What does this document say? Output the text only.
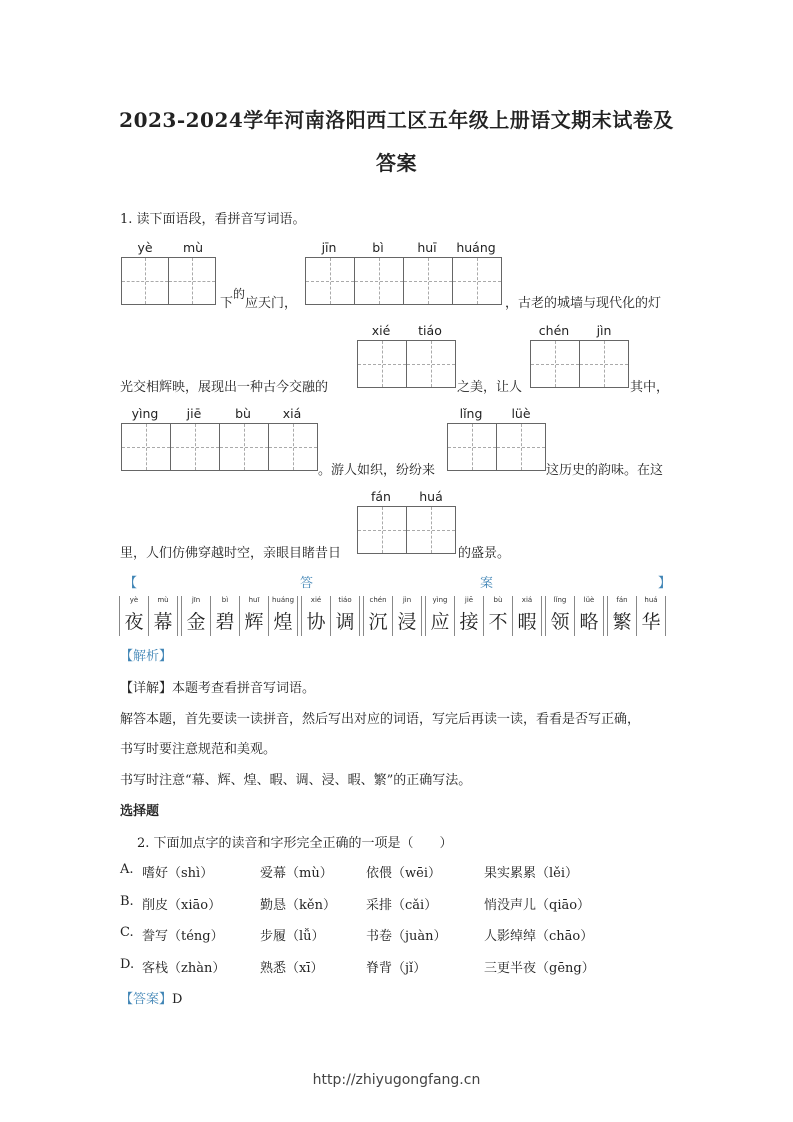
2023-2024学年河南洛阳西工区五年级上册语文期末试卷及
答案
1. 读下面语段，看拼音写词语。
yè	mù
下
的
应天门，
jīn	bì	huī	huáng
，古老的城墙与现代化的灯
xié	tiáo
光交相辉映，展现出一种古今交融的	之美，让人
chén	jìn
其中，
yìng	jiē	bù	xiá
。游人如织，纷纷来
lǐng	lüè
这历史的韵味。在这
fán	huá
里，人们仿佛穿越时空，亲眼目睹昔日	的盛景。
【	答	案	】
yè
夜
mù
幕
jīn
金
bì
碧
huī
辉
huáng
煌
xié
协
tiáo
调
chén
沉
jìn
浸
yìng
应
jiē
接
bù
不
xiá
暇
lǐng
领
lüè
略
fán
繁
huá
华
【解析】
【详解】本题考查看拼音写词语。
解答本题，首先要读一读拼音，然后写出对应的词语，写完后再读一读，看看是否写正确，
书写时要注意规范和美观。
书写时注意“幕、辉、煌、暇、调、浸、暇、繁”的正确写法。
选择题
2. 下面加点字的读音和字形完全正确的一项是（　　）
A. 嗜好（shì）	爱幕（mù）	依偎（wēi）	果实累累（lěi）
B. 削皮（xiāo）	勤恳（kěn） 采排（cǎi）	悄没声儿（qiāo）
C. 誊写（téng）	步履（lǚ）	书卷（juàn）	人影绰绰（chāo）
D. 客栈（zhàn）	熟悉（xī）	脊背（jǐ）	三更半夜（gēng）
【答案】D
http://zhiyugongfang.cn
